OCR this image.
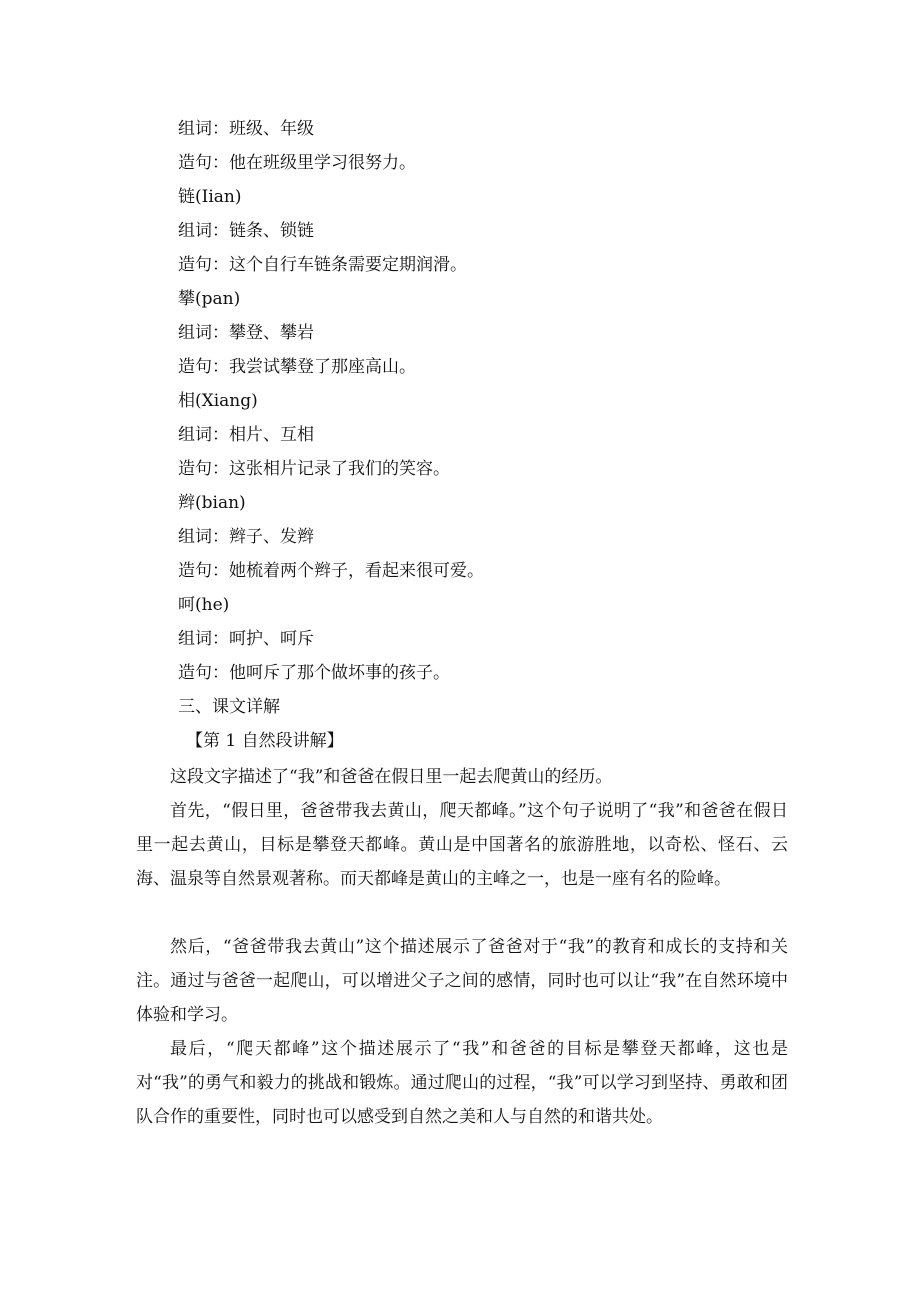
组词：班级、年级

造句：他在班级里学习很努力。

链(Iian)

组词：链条、锁链

造句：这个自行车链条需要定期润滑。

攀(pan)

组词：攀登、攀岩

造句：我尝试攀登了那座高山。

相(Xiang)

组词：相片、互相

造句：这张相片记录了我们的笑容。

辫(bian)

组词：辫子、发辫

造句：她梳着两个辫子，看起来很可爱。

呵(he)

组词：呵护、呵斥

造句：他呵斥了那个做坏事的孩子。

三、课文详解

【第 1 自然段讲解】

这段文字描述了“我”和爸爸在假日里一起去爬黄山的经历。

首先，“假日里，爸爸带我去黄山，爬天都峰。”这个句子说明了“我”和爸爸在假日里一起去黄山，目标是攀登天都峰。黄山是中国著名的旅游胜地，以奇松、怪石、云海、温泉等自然景观著称。而天都峰是黄山的主峰之一，也是一座有名的险峰。

然后，“爸爸带我去黄山”这个描述展示了爸爸对于“我”的教育和成长的支持和关注。通过与爸爸一起爬山，可以增进父子之间的感情，同时也可以让“我”在自然环境中体验和学习。

最后，“爬天都峰”这个描述展示了“我”和爸爸的目标是攀登天都峰，这也是对“我”的勇气和毅力的挑战和锻炼。通过爬山的过程，“我”可以学习到坚持、勇敢和团队合作的重要性，同时也可以感受到自然之美和人与自然的和谐共处。
